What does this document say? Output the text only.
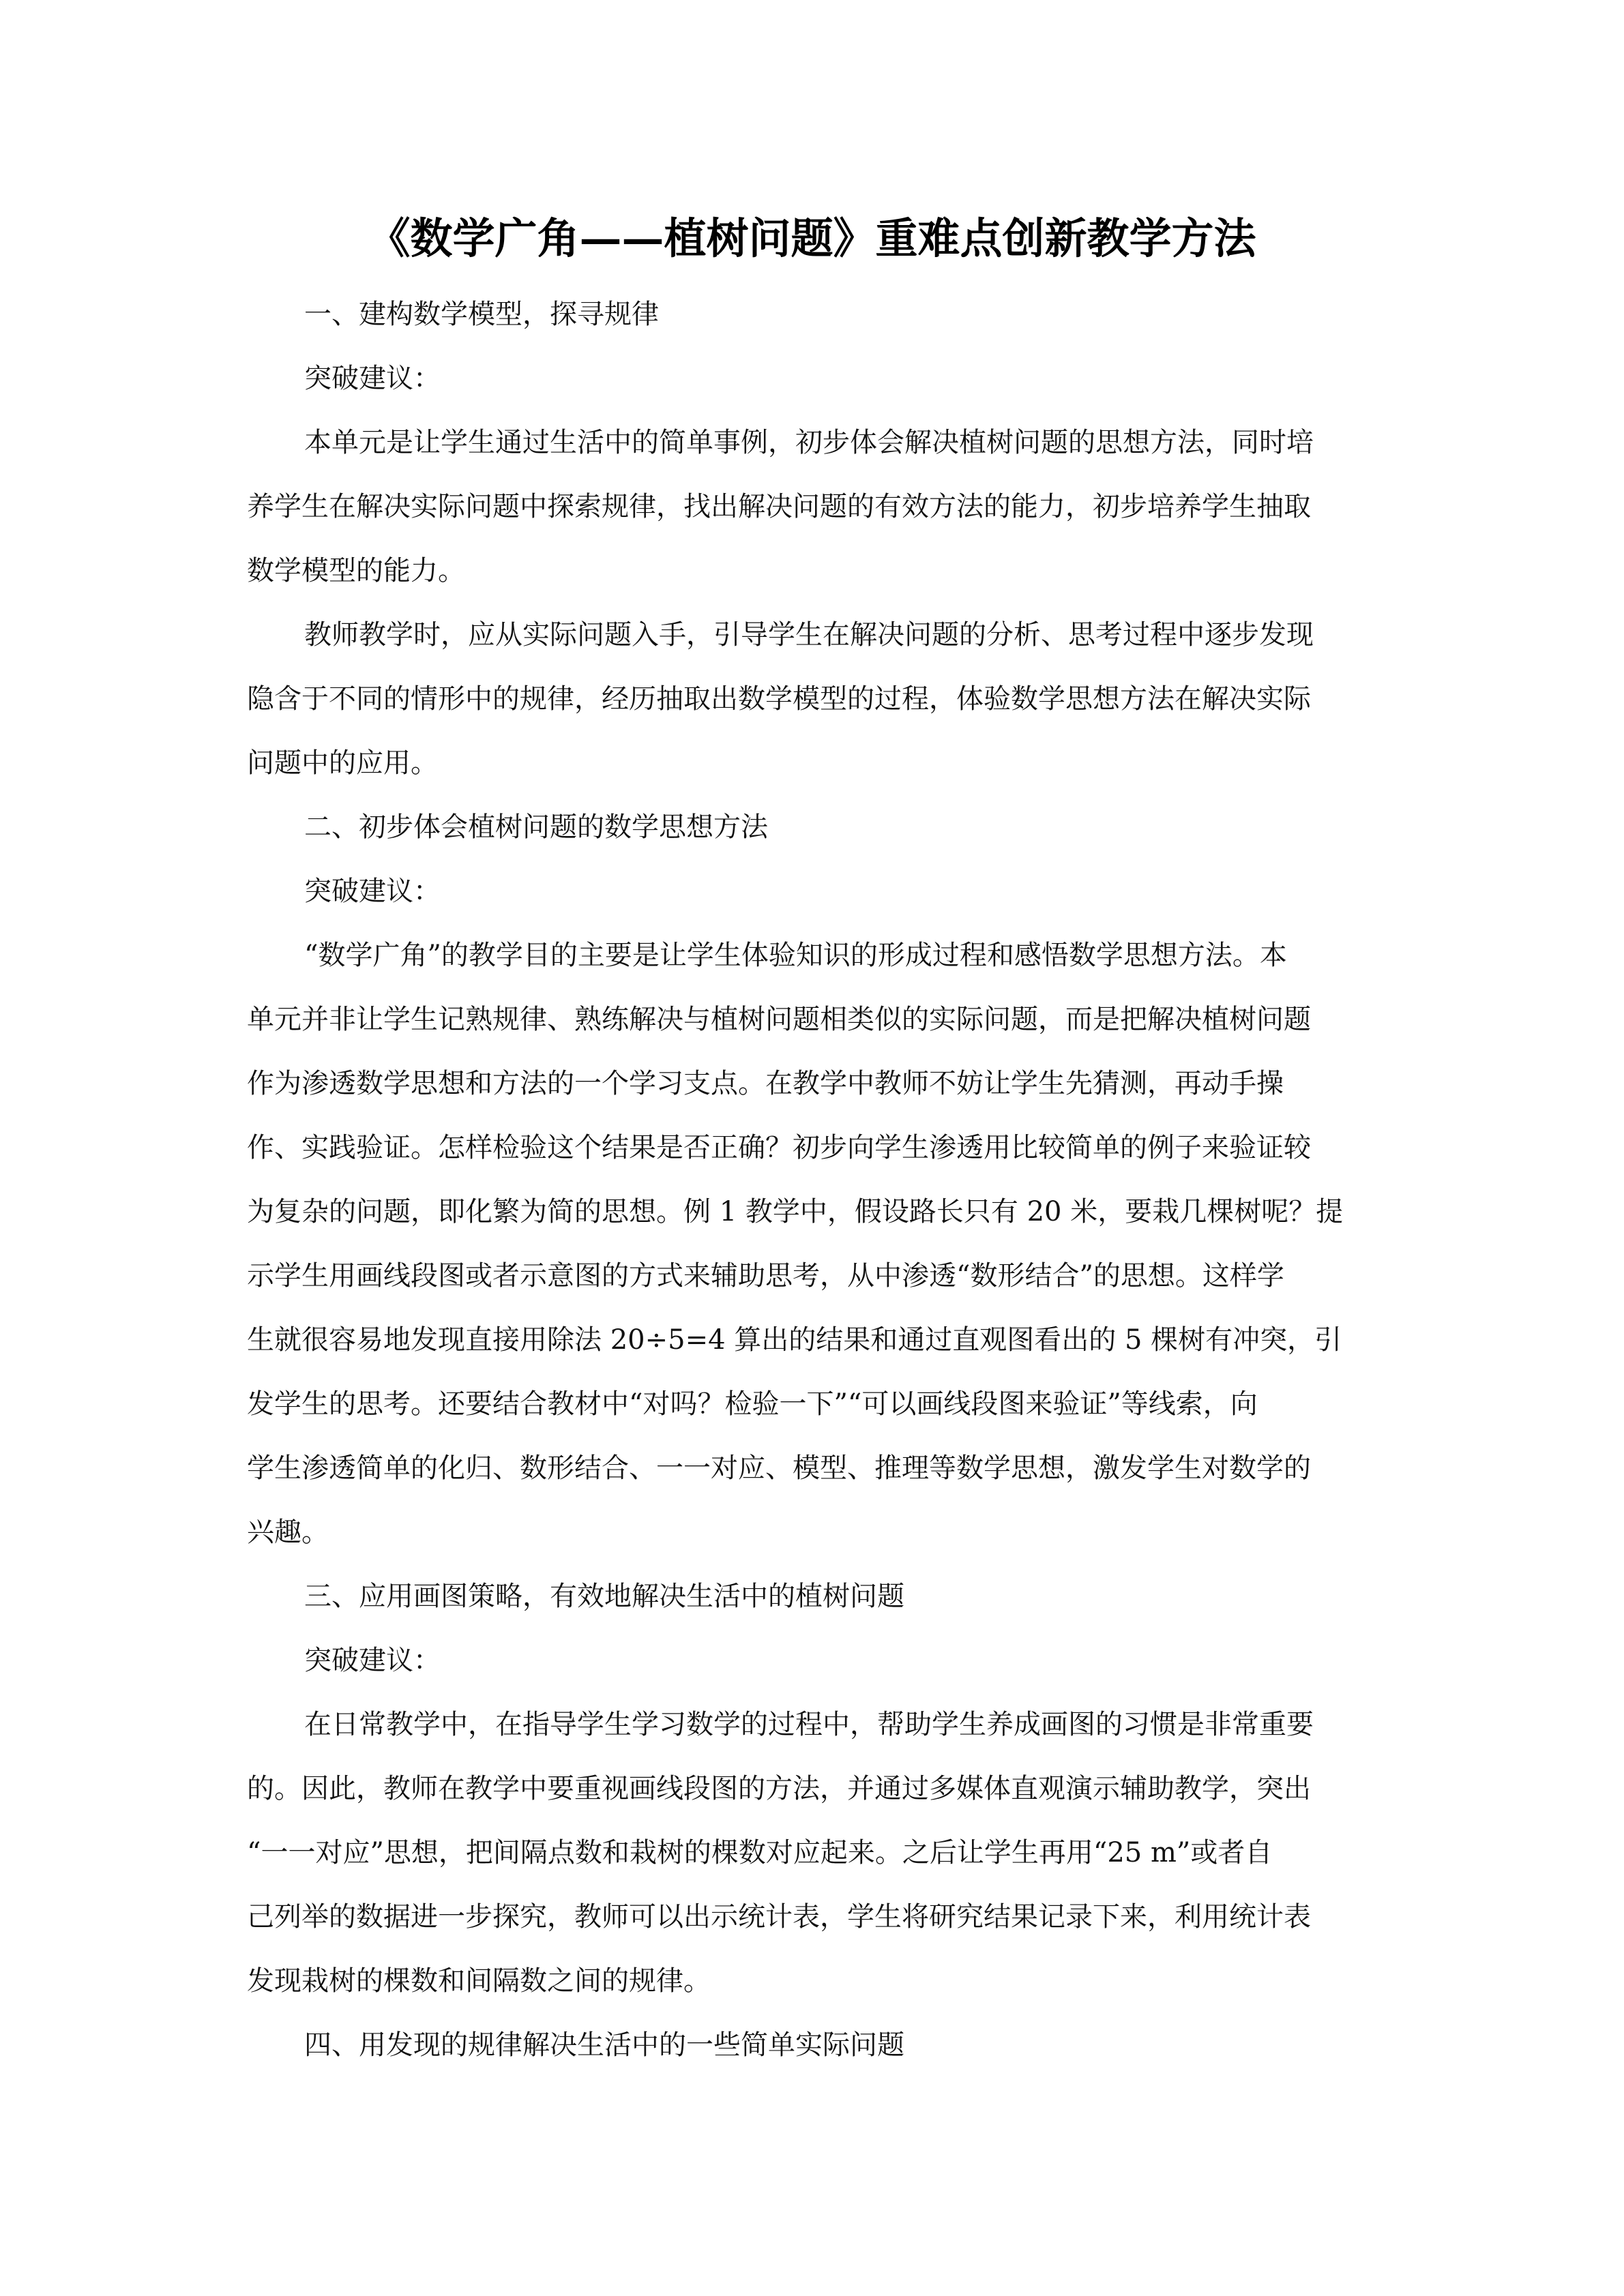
《数学广角——植树问题》重难点创新教学方法
一、建构数学模型，探寻规律
突破建议：
本单元是让学生通过生活中的简单事例，初步体会解决植树问题的思想方法，同时培
养学生在解决实际问题中探索规律，找出解决问题的有效方法的能力，初步培养学生抽取
数学模型的能力。
教师教学时，应从实际问题入手，引导学生在解决问题的分析、思考过程中逐步发现
隐含于不同的情形中的规律，经历抽取出数学模型的过程，体验数学思想方法在解决实际
问题中的应用。
二、初步体会植树问题的数学思想方法
突破建议：
“数学广角”的教学目的主要是让学生体验知识的形成过程和感悟数学思想方法。本
单元并非让学生记熟规律、熟练解决与植树问题相类似的实际问题，而是把解决植树问题
作为渗透数学思想和方法的一个学习支点。在教学中教师不妨让学生先猜测，再动手操
作、实践验证。怎样检验这个结果是否正确？初步向学生渗透用比较简单的例子来验证较
为复杂的问题，即化繁为简的思想。例 1 教学中，假设路长只有 20 米，要栽几棵树呢？提
示学生用画线段图或者示意图的方式来辅助思考，从中渗透“数形结合”的思想。这样学
生就很容易地发现直接用除法 20÷5=4 算出的结果和通过直观图看出的 5 棵树有冲突，引
发学生的思考。还要结合教材中“对吗？检验一下”“可以画线段图来验证”等线索，向
学生渗透简单的化归、数形结合、一一对应、模型、推理等数学思想，激发学生对数学的
兴趣。
三、应用画图策略，有效地解决生活中的植树问题
突破建议：
在日常教学中，在指导学生学习数学的过程中，帮助学生养成画图的习惯是非常重要
的。因此，教师在教学中要重视画线段图的方法，并通过多媒体直观演示辅助教学，突出
“一一对应”思想，把间隔点数和栽树的棵数对应起来。之后让学生再用“25 m”或者自
己列举的数据进一步探究，教师可以出示统计表，学生将研究结果记录下来，利用统计表
发现栽树的棵数和间隔数之间的规律。
四、用发现的规律解决生活中的一些简单实际问题
